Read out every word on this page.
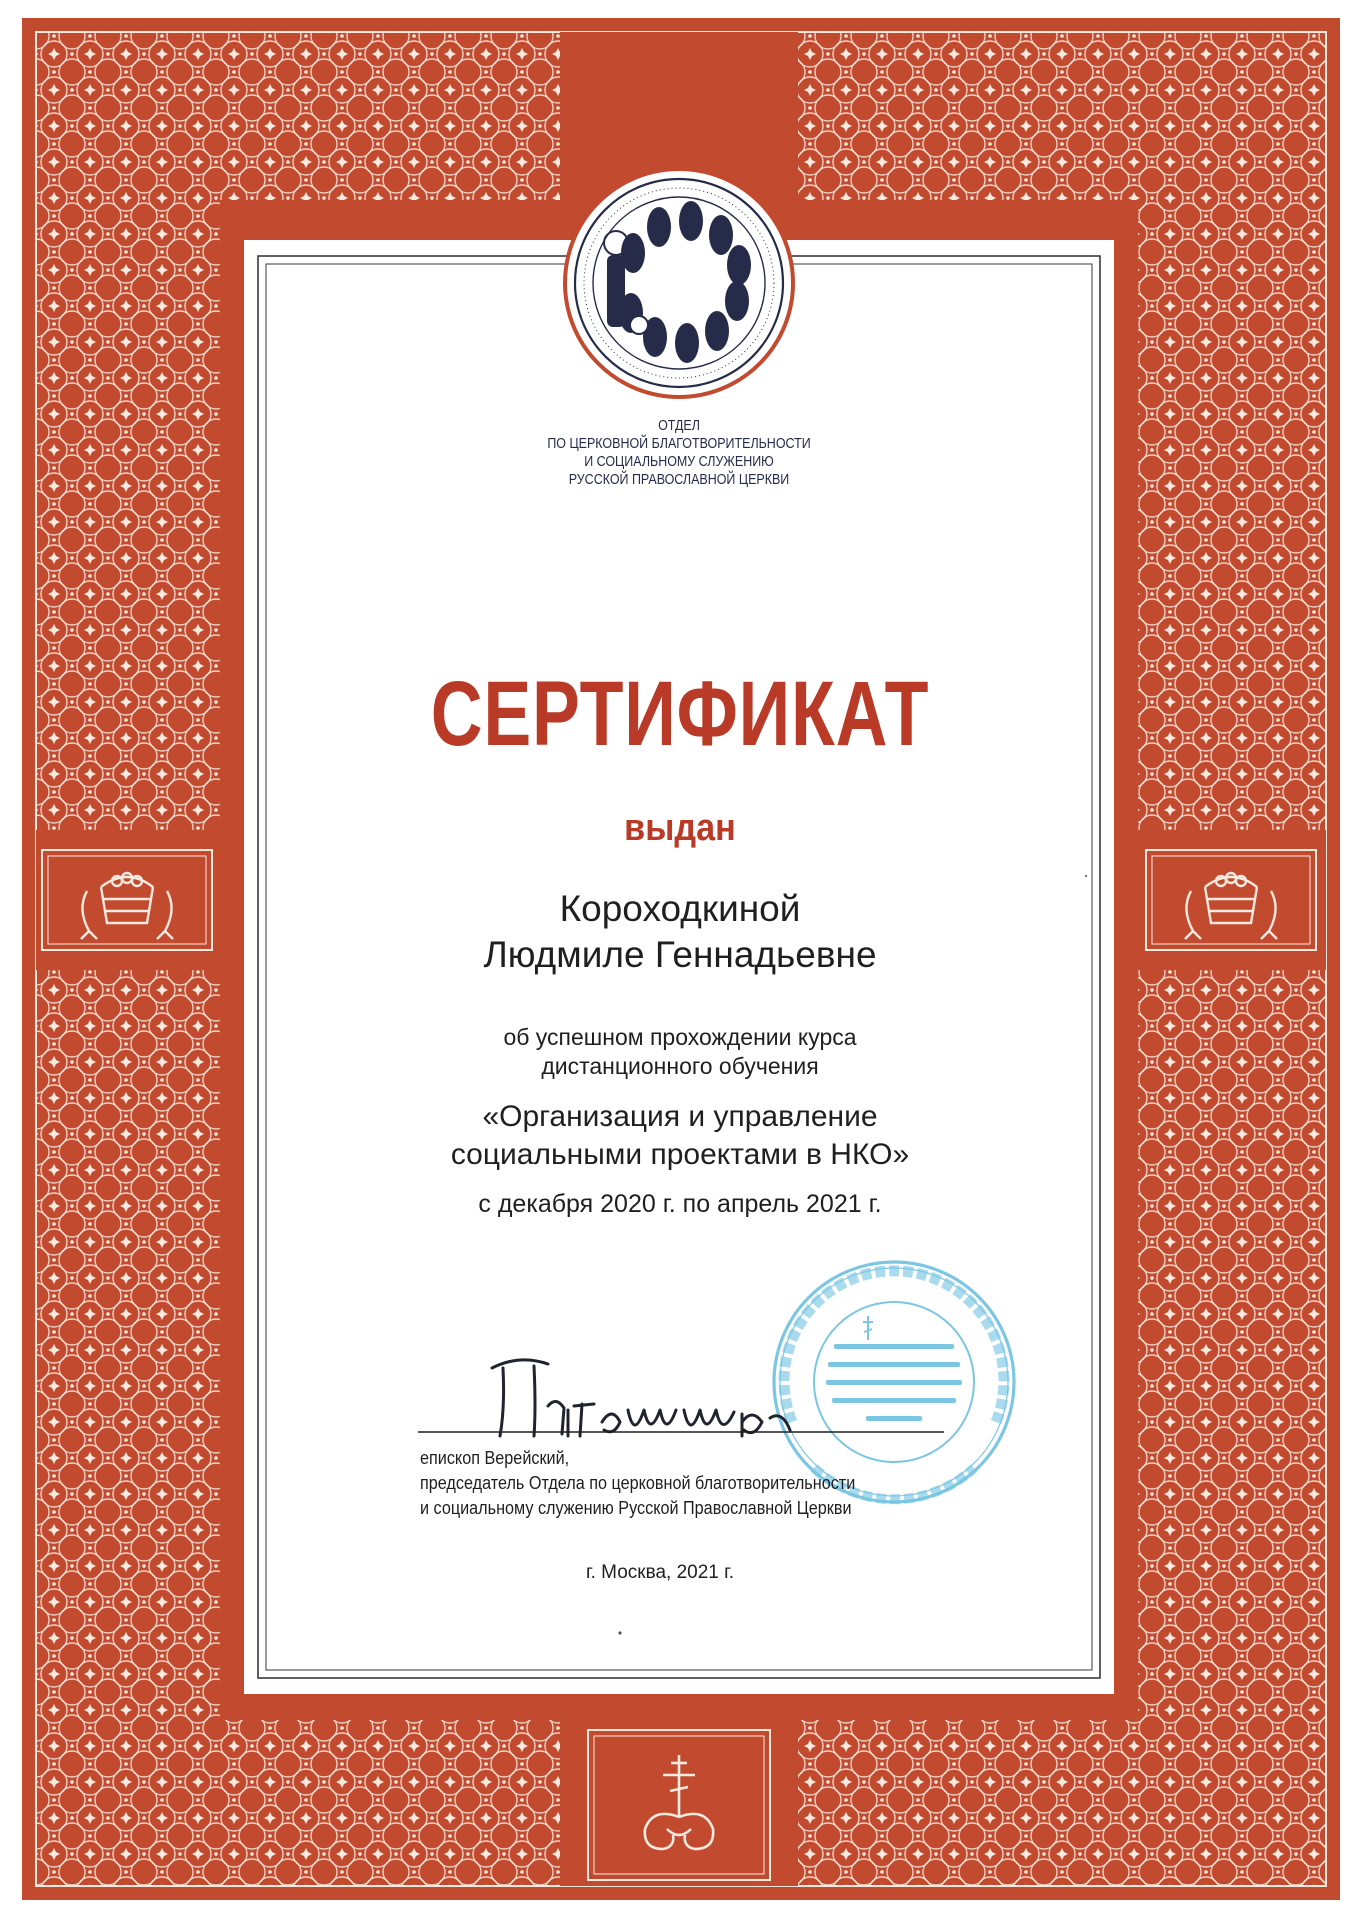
ОТДЕЛ
ПО ЦЕРКОВНОЙ БЛАГОТВОРИТЕЛЬНОСТИ
И СОЦИАЛЬНОМУ СЛУЖЕНИЮ
РУССКОЙ ПРАВОСЛАВНОЙ ЦЕРКВИ
СЕРТИФИКАТ
выдан
Короходкиной
Людмиле Геннадьевне
об успешном прохождении курса
дистанционного обучения
«Организация и управление
социальными проектами в НКО»
с декабря 2020 г. по апрель 2021 г.
епископ Верейский,
председатель Отдела по церковной благотворительности
и социальному служению Русской Православной Церкви
г. Москва, 2021 г.
